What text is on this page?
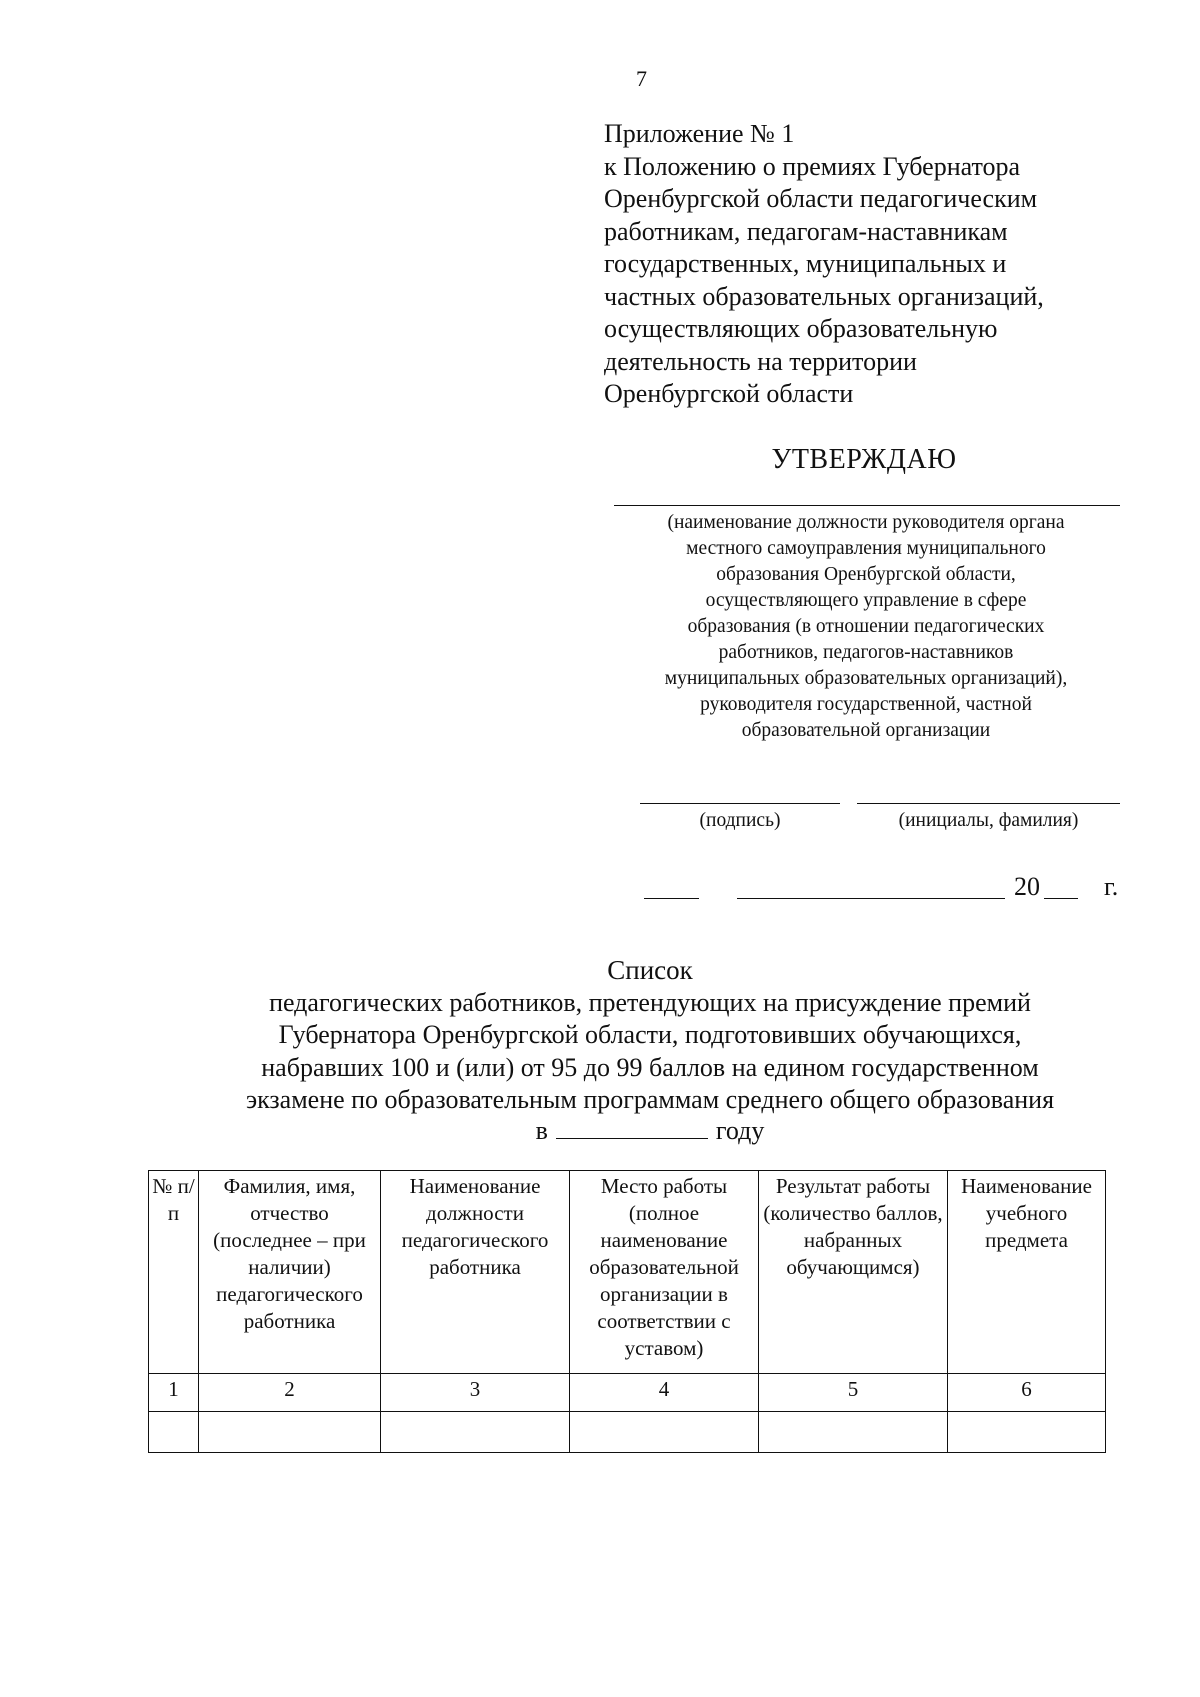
7
Приложение № 1
к Положению о премиях Губернатора
Оренбургской области педагогическим
работникам, педагогам-наставникам
государственных, муниципальных и
частных образовательных организаций,
осуществляющих образовательную
деятельность на территории
Оренбургской области
УТВЕРЖДАЮ
(наименование должности руководителя органа
местного самоуправления муниципального
образования Оренбургской области,
осуществляющего управление в сфере
образования (в отношении педагогических
работников, педагогов-наставников
муниципальных образовательных организаций),
руководителя государственной, частной
образовательной организации
(подпись)	(инициалы, фамилия)
20 г.
Список
педагогических работников, претендующих на присуждение премий
Губернатора Оренбургской области, подготовивших обучающихся,
набравших 100 и (или) от 95 до 99 баллов на едином государственном
экзамене по образовательным программам среднего общего образования
в	году
№ п/п	Фамилия, имя, отчество (последнее – при наличии) педагогического работника	Наименование должности педагогического работника	Место работы (полное наименование образовательной организации в соответствии с уставом)	Результат работы (количество баллов, набранных обучающимся)	Наименование учебного предмета
1	2	3	4	5	6
